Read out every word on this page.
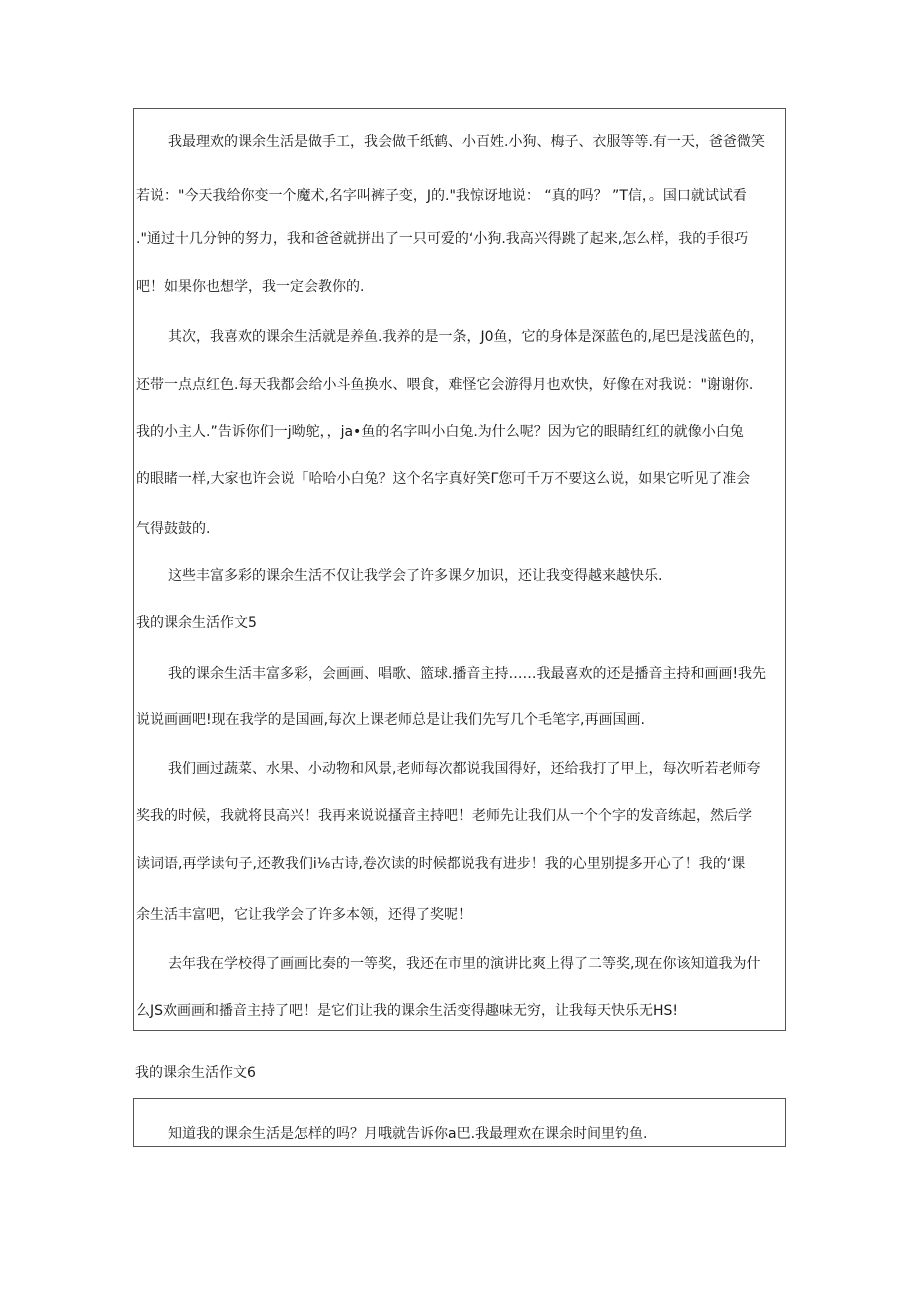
我最理欢的课余生活是做手工，我会做千纸鹤、小百姓.小狗、梅子、衣服等等.有一天，爸爸微笑
若说："今天我给你变一个魔术,名字叫裤子变，J的."我惊讶地说： “真的吗？ ”T信，。国口就试试看
."通过十几分钟的努力，我和爸爸就拼出了一只可爱的‘小狗.我高兴得跳了起来,怎么样，我的手很巧
吧！如果你也想学，我一定会教你的.
其次，我喜欢的课余生活就是养鱼.我养的是一条，J0鱼，它的身体是深蓝色的,尾巴是浅蓝色的，
还带一点点红色.每天我都会给小斗鱼换水、喂食，难怪它会游得月也欢快，好像在对我说："谢谢你.
我的小主人.”告诉你们一j呦鸵，，ja•鱼的名字叫小白兔.为什么呢？因为它的眼睛红红的就像小白兔
的眼睹一样,大家也许会说「哈哈小白兔？这个名字真好笑Γ您可千万不要这么说，如果它听见了准会
气得鼓鼓的.
这些丰富多彩的课余生活不仅让我学会了许多课夕加识，还让我变得越来越快乐.
我的课余生活作文5
我的课余生活丰富多彩，会画画、唱歌、篮球.播音主持……我最喜欢的还是播音主持和画画!我先
说说画画吧!现在我学的是国画,每次上课老师总是让我们先写几个毛笔字,再画国画.
我们画过蔬菜、水果、小动物和风景,老师每次都说我国得好，还给我打了甲上，每次听若老师夸
奖我的时候，我就将艮高兴！我再来说说搔音主持吧！老师先让我们从一个个字的发音练起，然后学
读词语,再学读句子,还教我们i⅛古诗,卷次读的时候都说我有进步！我的心里别提多开心了！我的‘课
余生活丰富吧，它让我学会了许多本领，还得了奖呢！
去年我在学校得了画画比奏的一等奖，我还在市里的演讲比爽上得了二等奖,现在你该知道我为什
么JS欢画画和播音主持了吧！是它们让我的课余生活变得趣味无穷，让我每天快乐无HS!
我的课余生活作文6
知道我的课余生活是怎样的吗？月哦就告诉你a巴.我最理欢在课余时间里钓鱼.
